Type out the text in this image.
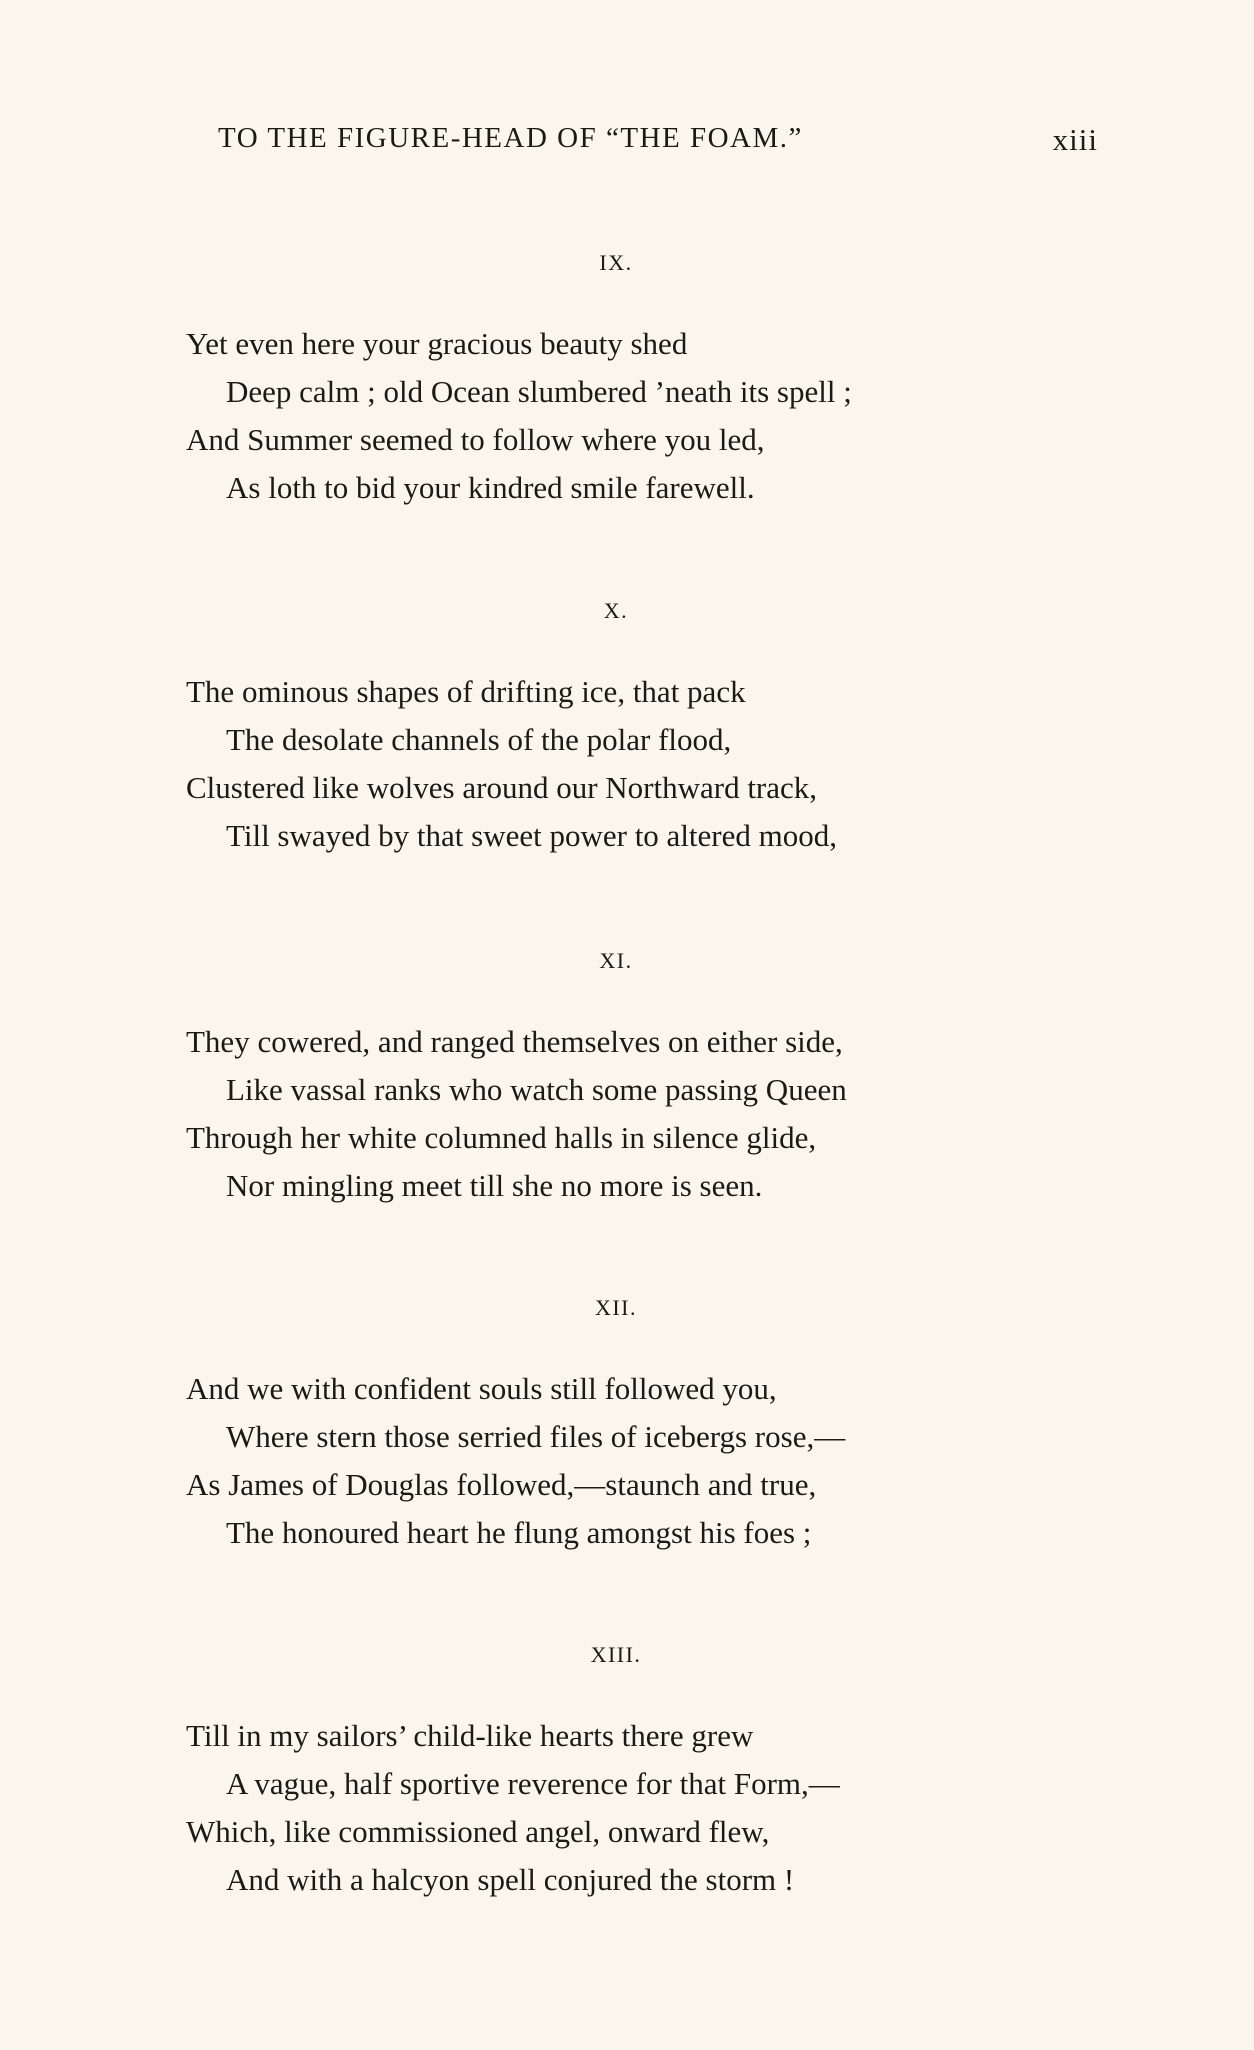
TO THE FIGURE-HEAD OF “THE FOAM.”	xiii
IX.
Yet even here your gracious beauty shed
Deep calm ; old Ocean slumbered ’neath its spell ;
And Summer seemed to follow where you led,
As loth to bid your kindred smile farewell.
X.
The ominous shapes of drifting ice, that pack
The desolate channels of the polar flood,
Clustered like wolves around our Northward track,
Till swayed by that sweet power to altered mood,
XI.
They cowered, and ranged themselves on either side,
Like vassal ranks who watch some passing Queen
Through her white columned halls in silence glide,
Nor mingling meet till she no more is seen.
XII.
And we with confident souls still followed you,
Where stern those serried files of icebergs rose,—
As James of Douglas followed,—staunch and true,
The honoured heart he flung amongst his foes ;
XIII.
Till in my sailors’ child-like hearts there grew
A vague, half sportive reverence for that Form,—
Which, like commissioned angel, onward flew,
And with a halcyon spell conjured the storm !
